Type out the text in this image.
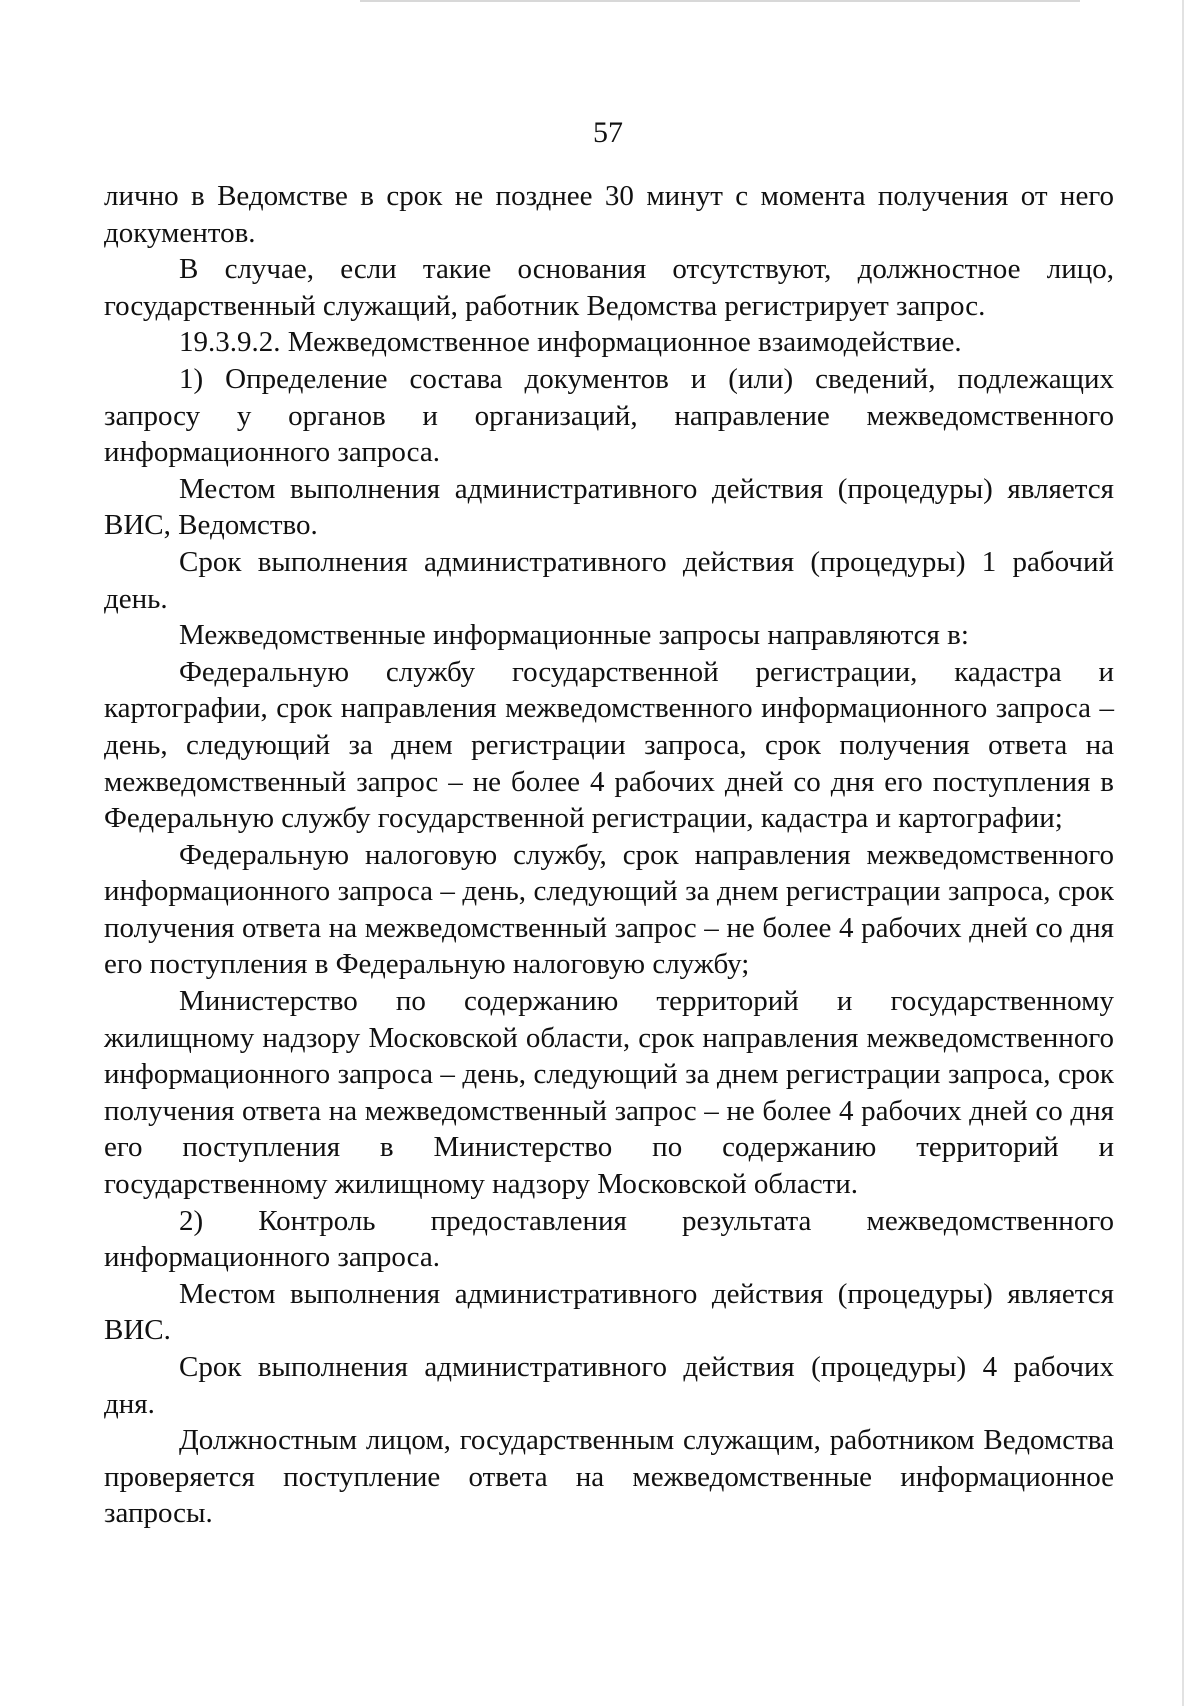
57

лично в Ведомстве в срок не позднее 30 минут с момента получения от него документов.

В случае, если такие основания отсутствуют, должностное лицо, государственный служащий, работник Ведомства регистрирует запрос.

19.3.9.2. Межведомственное информационное взаимодействие.

1) Определение состава документов и (или) сведений, подлежащих запросу у органов и организаций, направление межведомственного информационного запроса.

Местом выполнения административного действия (процедуры) является ВИС, Ведомство.

Срок выполнения административного действия (процедуры) 1 рабочий день.

Межведомственные информационные запросы направляются в:

Федеральную службу государственной регистрации, кадастра и картографии, срок направления межведомственного информационного запроса – день, следующий за днем регистрации запроса, срок получения ответа на межведомственный запрос – не более 4 рабочих дней со дня его поступления в Федеральную службу государственной регистрации, кадастра и картографии;

Федеральную налоговую службу, срок направления межведомственного информационного запроса – день, следующий за днем регистрации запроса, срок получения ответа на межведомственный запрос – не более 4 рабочих дней со дня его поступления в Федеральную налоговую службу;

Министерство по содержанию территорий и государственному жилищному надзору Московской области, срок направления межведомственного информационного запроса – день, следующий за днем регистрации запроса, срок получения ответа на межведомственный запрос – не более 4 рабочих дней со дня его поступления в Министерство по содержанию территорий и государственному жилищному надзору Московской области.

2) Контроль предоставления результата межведомственного информационного запроса.

Местом выполнения административного действия (процедуры) является ВИС.

Срок выполнения административного действия (процедуры) 4 рабочих дня.

Должностным лицом, государственным служащим, работником Ведомства проверяется поступление ответа на межведомственные информационное запросы.
